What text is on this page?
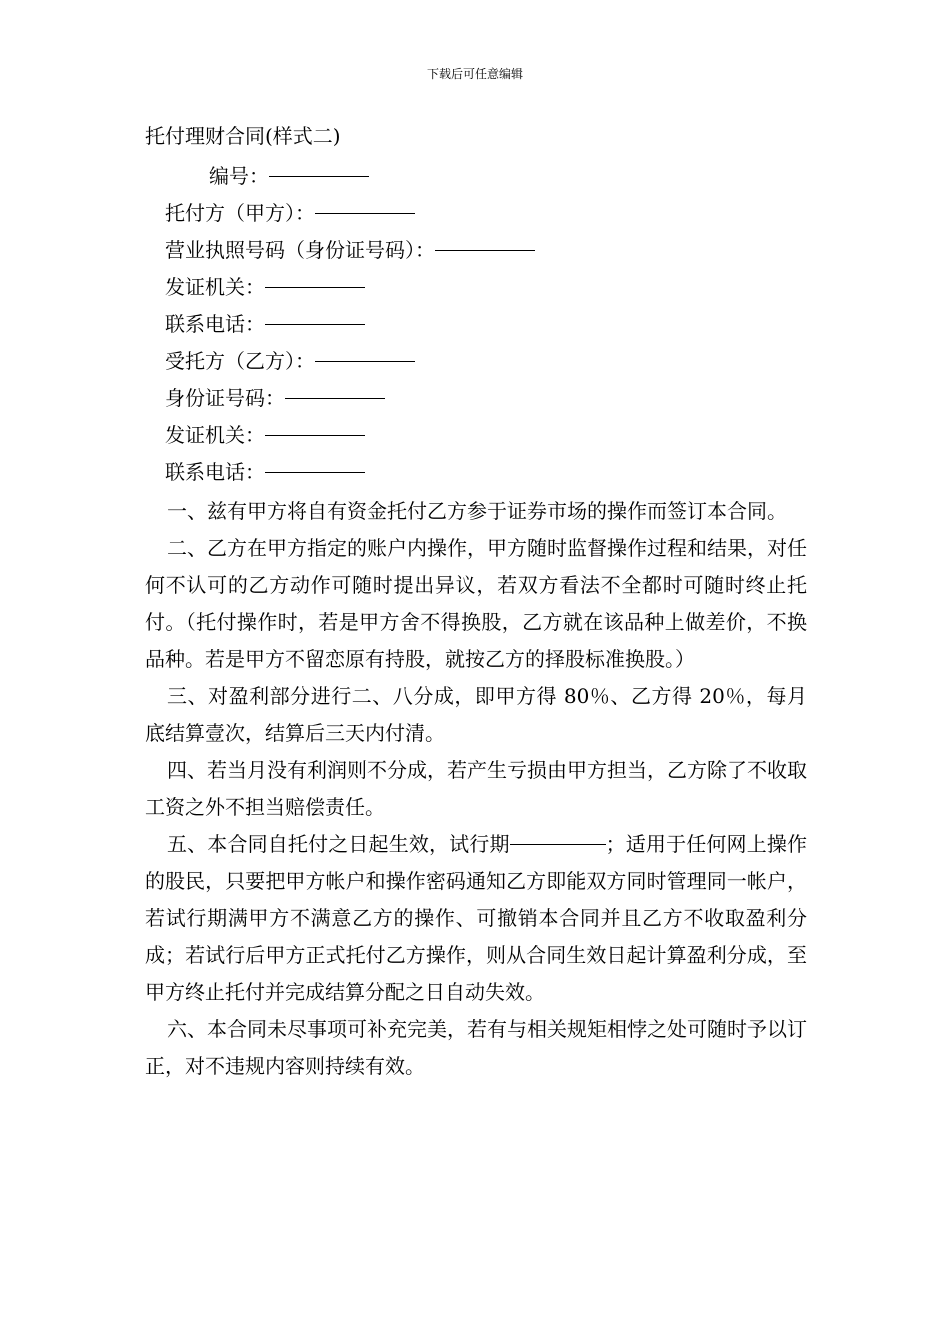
下载后可任意编辑
托付理财合同(样式二)
编号：
托付方（甲方）：
营业执照号码（身份证号码）：
发证机关：
联系电话：
受托方（乙方）：
身份证号码：
发证机关：
联系电话：

一、兹有甲方将自有资金托付乙方参于证券市场的操作而签订本合同。

二、乙方在甲方指定的账户内操作，甲方随时监督操作过程和结果，对任何不认可的乙方动作可随时提出异议，若双方看法不全都时可随时终止托付。（托付操作时，若是甲方舍不得换股，乙方就在该品种上做差价，不换品种。若是甲方不留恋原有持股，就按乙方的择股标准换股。）

三、对盈利部分进行二、八分成，即甲方得 80％、乙方得 20％，每月底结算壹次，结算后三天内付清。

四、若当月没有利润则不分成，若产生亏损由甲方担当，乙方除了不收取工资之外不担当赔偿责任。

五、本合同自托付之日起生效，试行期	；适用于任何网上操作的股民，只要把甲方帐户和操作密码通知乙方即能双方同时管理同一帐户，若试行期满甲方不满意乙方的操作、可撤销本合同并且乙方不收取盈利分成；若试行后甲方正式托付乙方操作，则从合同生效日起计算盈利分成，至甲方终止托付并完成结算分配之日自动失效。

六、本合同未尽事项可补充完美，若有与相关规矩相悖之处可随时予以订正，对不违规内容则持续有效。
